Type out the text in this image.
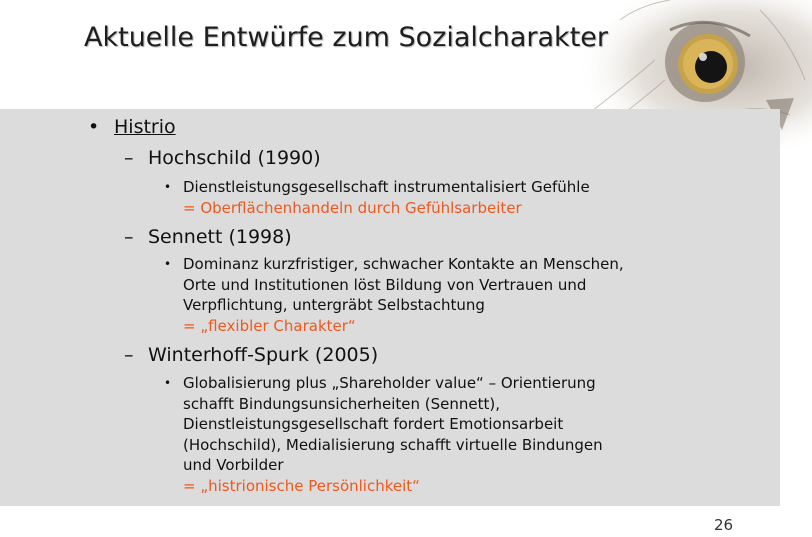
Aktuelle Entwürfe zum Sozialcharakter
• Histrio
– Hochschild (1990)
• Dienstleistungsgesellschaft instrumentalisiert Gefühle
= Oberflächenhandeln durch Gefühlsarbeiter
– Sennett (1998)
• Dominanz kurzfristiger, schwacher Kontakte an Menschen,
Orte und Institutionen löst Bildung von Vertrauen und
Verpflichtung, untergräbt Selbstachtung
= „flexibler Charakter“
– Winterhoff-Spurk (2005)
• Globalisierung plus „Shareholder value“ – Orientierung
schafft Bindungsunsicherheiten (Sennett),
Dienstleistungsgesellschaft fordert Emotionsarbeit
(Hochschild), Medialisierung schafft virtuelle Bindungen
und Vorbilder
= „histrionische Persönlichkeit“
26
